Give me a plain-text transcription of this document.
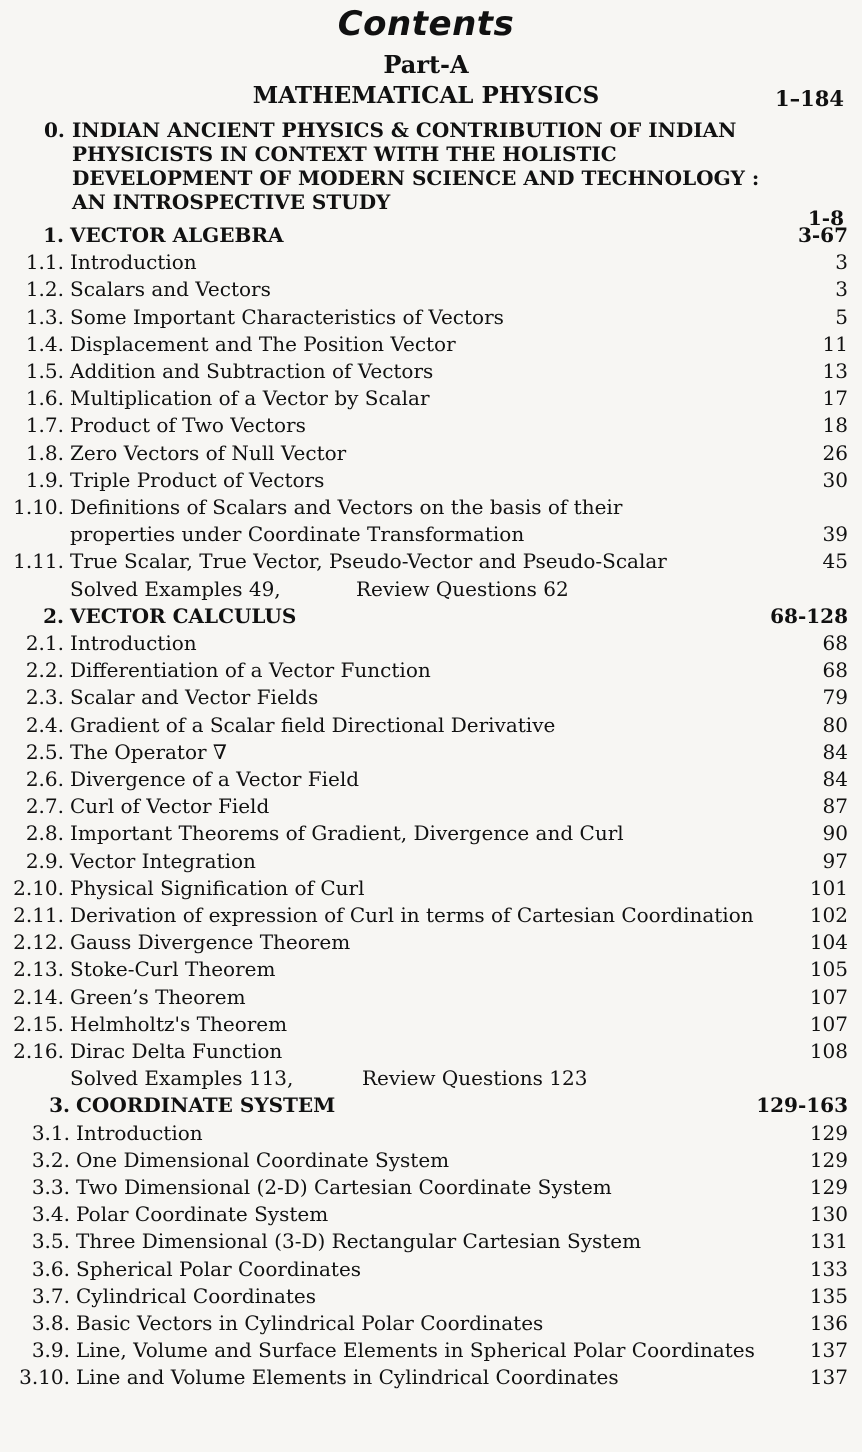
Contents
Part-A
MATHEMATICAL PHYSICS	1–184
0. INDIAN ANCIENT PHYSICS & CONTRIBUTION OF INDIAN
PHYSICISTS IN CONTEXT WITH THE HOLISTIC
DEVELOPMENT OF MODERN SCIENCE AND TECHNOLOGY :
AN INTROSPECTIVE STUDY
1-8
1. VECTOR ALGEBRA	3-67
1.1. Introduction	3
1.2. Scalars and Vectors	3
1.3. Some Important Characteristics of Vectors	5
1.4. Displacement and The Position Vector	11
1.5. Addition and Subtraction of Vectors	13
1.6. Multiplication of a Vector by Scalar	17
1.7. Product of Two Vectors	18
1.8. Zero Vectors of Null Vector	26
1.9. Triple Product of Vectors	30
1.10. Definitions of Scalars and Vectors on the basis of their
properties under Coordinate Transformation	39
1.11. True Scalar, True Vector, Pseudo-Vector and Pseudo-Scalar	45
Solved Examples 49,	Review Questions 62
2. VECTOR CALCULUS	68-128
2.1. Introduction	68
2.2. Differentiation of a Vector Function	68
2.3. Scalar and Vector Fields	79
2.4. Gradient of a Scalar field Directional Derivative	80
2.5. The Operator ∇	84
2.6. Divergence of a Vector Field	84
2.7. Curl of Vector Field	87
2.8. Important Theorems of Gradient, Divergence and Curl	90
2.9. Vector Integration	97
2.10. Physical Signification of Curl	101
2.11. Derivation of expression of Curl in terms of Cartesian Coordination	102
2.12. Gauss Divergence Theorem	104
2.13. Stoke-Curl Theorem	105
2.14. Green’s Theorem	107
2.15. Helmholtz's Theorem	107
2.16. Dirac Delta Function	108
Solved Examples 113,	Review Questions 123
3. COORDINATE SYSTEM	129-163
3.1. Introduction	129
3.2. One Dimensional Coordinate System	129
3.3. Two Dimensional (2-D) Cartesian Coordinate System	129
3.4. Polar Coordinate System	130
3.5. Three Dimensional (3-D) Rectangular Cartesian System	131
3.6. Spherical Polar Coordinates	133
3.7. Cylindrical Coordinates	135
3.8. Basic Vectors in Cylindrical Polar Coordinates	136
3.9. Line, Volume and Surface Elements in Spherical Polar Coordinates	137
3.10. Line and Volume Elements in Cylindrical Coordinates	137
